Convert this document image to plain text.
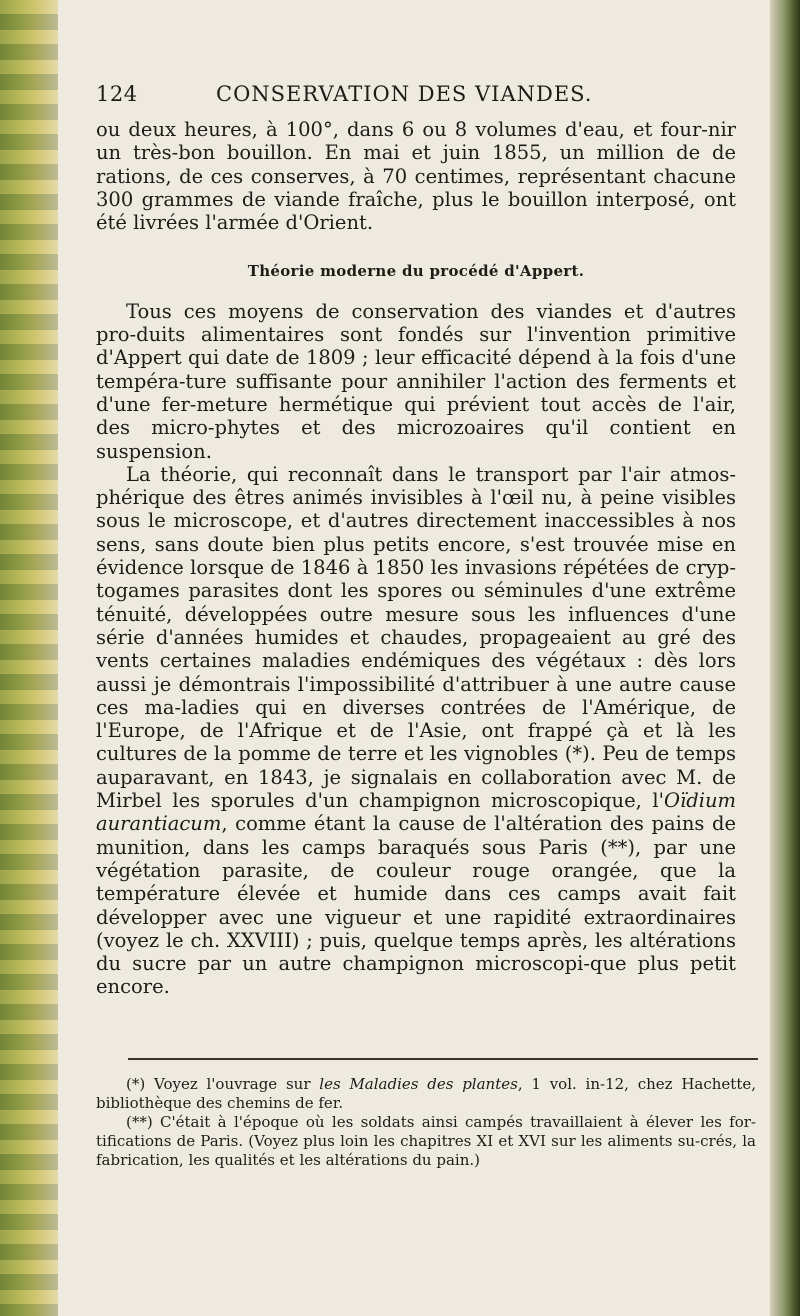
124	CONSERVATION DES VIANDES.

ou deux heures, à 100°, dans 6 ou 8 volumes d'eau, et four-nir un très-bon bouillon. En mai et juin 1855, un million de de rations, de ces conserves, à 70 centimes, représentant chacune 300 grammes de viande fraîche, plus le bouillon interposé, ont été livrées l'armée d'Orient.

Théorie moderne du procédé d'Appert.

Tous ces moyens de conservation des viandes et d'autres pro-duits alimentaires sont fondés sur l'invention primitive d'Appert qui date de 1809 ; leur efficacité dépend à la fois d'une tempéra-ture suffisante pour annihiler l'action des ferments et d'une fer-meture hermétique qui prévient tout accès de l'air, des micro-phytes et des microzoaires qu'il contient en suspension.

La théorie, qui reconnaît dans le transport par l'air atmos-phérique des êtres animés invisibles à l'œil nu, à peine visibles sous le microscope, et d'autres directement inaccessibles à nos sens, sans doute bien plus petits encore, s'est trouvée mise en évidence lorsque de 1846 à 1850 les invasions répétées de cryp-togames parasites dont les spores ou séminules d'une extrême ténuité, développées outre mesure sous les influences d'une série d'années humides et chaudes, propageaient au gré des vents certaines maladies endémiques des végétaux : dès lors aussi je démontrais l'impossibilité d'attribuer à une autre cause ces ma-ladies qui en diverses contrées de l'Amérique, de l'Europe, de l'Afrique et de l'Asie, ont frappé çà et là les cultures de la pomme de terre et les vignobles (*). Peu de temps auparavant, en 1843, je signalais en collaboration avec M. de Mirbel les sporules d'un champignon microscopique, l'Oïdium aurantiacum, comme étant la cause de l'altération des pains de munition, dans les camps baraqués sous Paris (**), par une végétation parasite, de couleur rouge orangée, que la température élevée et humide dans ces camps avait fait développer avec une vigueur et une rapidité extraordinaires (voyez le ch. XXVIII) ; puis, quelque temps après, les altérations du sucre par un autre champignon microscopi-que plus petit encore.

(*) Voyez l'ouvrage sur les Maladies des plantes, 1 vol. in-12, chez Hachette, bibliothèque des chemins de fer.

(**) C'était à l'époque où les soldats ainsi campés travaillaient à élever les for-tifications de Paris. (Voyez plus loin les chapitres XI et XVI sur les aliments su-crés, la fabrication, les qualités et les altérations du pain.)
